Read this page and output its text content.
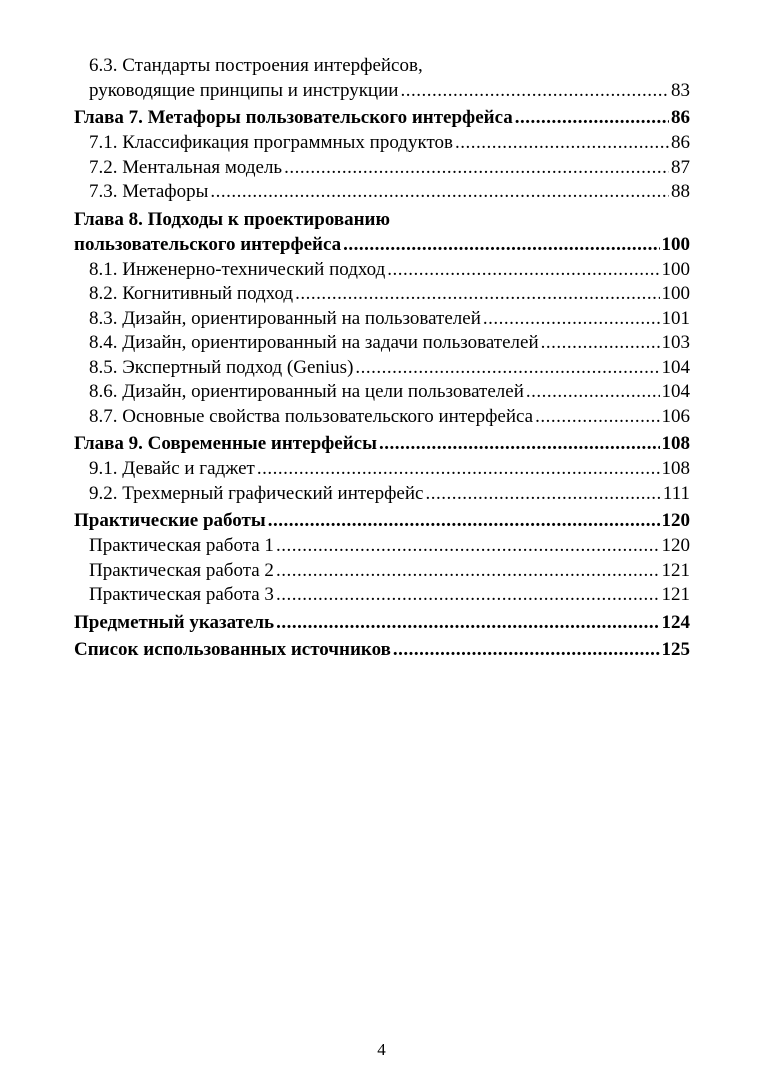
6.3. Стандарты построения интерфейсов,
руководящие принципы и инструкции .....	83
Глава 7. Метафоры пользовательского интерфейса .....	86
7.1. Классификация программных продуктов .....	86
7.2. Ментальная модель .....	87
7.3. Метафоры .....	88
Глава 8. Подходы к проектированию
пользовательского интерфейса .....	100
8.1. Инженерно-технический подход .....	100
8.2. Когнитивный подход .....	100
8.3. Дизайн, ориентированный на пользователей .....	101
8.4. Дизайн, ориентированный на задачи пользователей .....	103
8.5. Экспертный подход (Genius) .....	104
8.6. Дизайн, ориентированный на цели пользователей .....	104
8.7. Основные свойства пользовательского интерфейса .....	106
Глава 9. Современные интерфейсы .....	108
9.1. Девайс и гаджет .....	108
9.2. Трехмерный графический интерфейс .....	111
Практические работы .....	120
Практическая работа 1 .....	120
Практическая работа 2 .....	121
Практическая работа 3 .....	121
Предметный указатель .....	124
Список использованных источников .....	125
4
